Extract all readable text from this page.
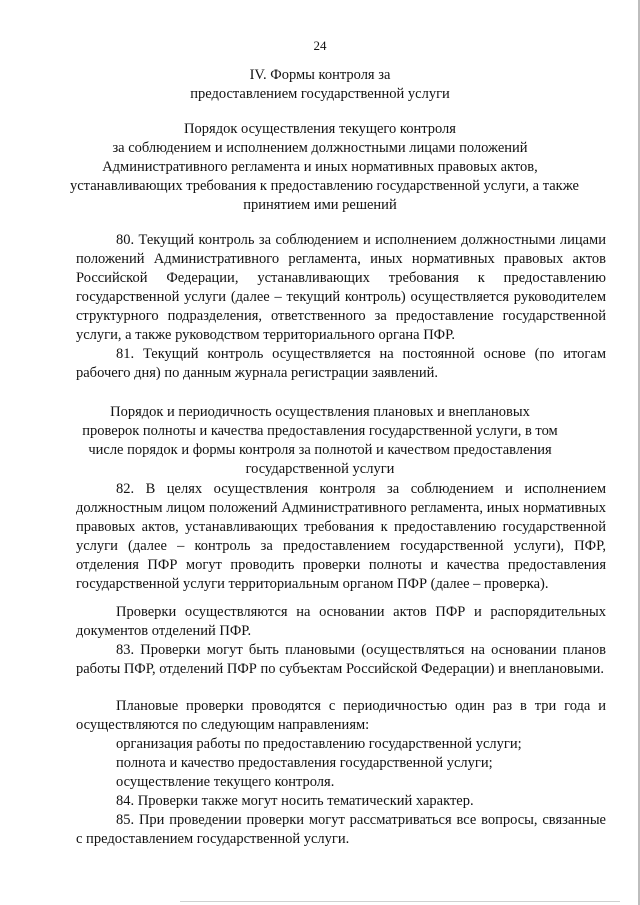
24
IV. Формы контроля за
предоставлением государственной услуги
Порядок осуществления текущего контроля
за соблюдением и исполнением должностными лицами положений
Административного регламента и иных нормативных правовых актов,
устанавливающих требования к предоставлению государственной услуги, а также
принятием ими решений
80. Текущий контроль за соблюдением и исполнением должностными лицами положений Административного регламента, иных нормативных правовых актов Российской Федерации, устанавливающих требования к предоставлению государственной услуги (далее – текущий контроль) осуществляется руководителем структурного подразделения, ответственного за предоставление государственной услуги, а также руководством территориального органа ПФР.
81. Текущий контроль осуществляется на постоянной основе (по итогам рабочего дня) по данным журнала регистрации заявлений.
Порядок и периодичность осуществления плановых и внеплановых
проверок полноты и качества предоставления государственной услуги, в том
числе порядок и формы контроля за полнотой и качеством предоставления
государственной услуги
82. В целях осуществления контроля за соблюдением и исполнением должностным лицом положений Административного регламента, иных нормативных правовых актов, устанавливающих требования к предоставлению государственной услуги (далее – контроль за предоставлением государственной услуги), ПФР, отделения ПФР могут проводить проверки полноты и качества предоставления государственной услуги территориальным органом ПФР (далее – проверка).
Проверки осуществляются на основании актов ПФР и распорядительных документов отделений ПФР.
83. Проверки могут быть плановыми (осуществляться на основании планов работы ПФР, отделений ПФР по субъектам Российской Федерации) и внеплановыми.
Плановые проверки проводятся с периодичностью один раз в три года и осуществляются по следующим направлениям:
организация работы по предоставлению государственной услуги;
полнота и качество предоставления государственной услуги;
осуществление текущего контроля.
84. Проверки также могут носить тематический характер.
85. При проведении проверки могут рассматриваться все вопросы, связанные с предоставлением государственной услуги.
